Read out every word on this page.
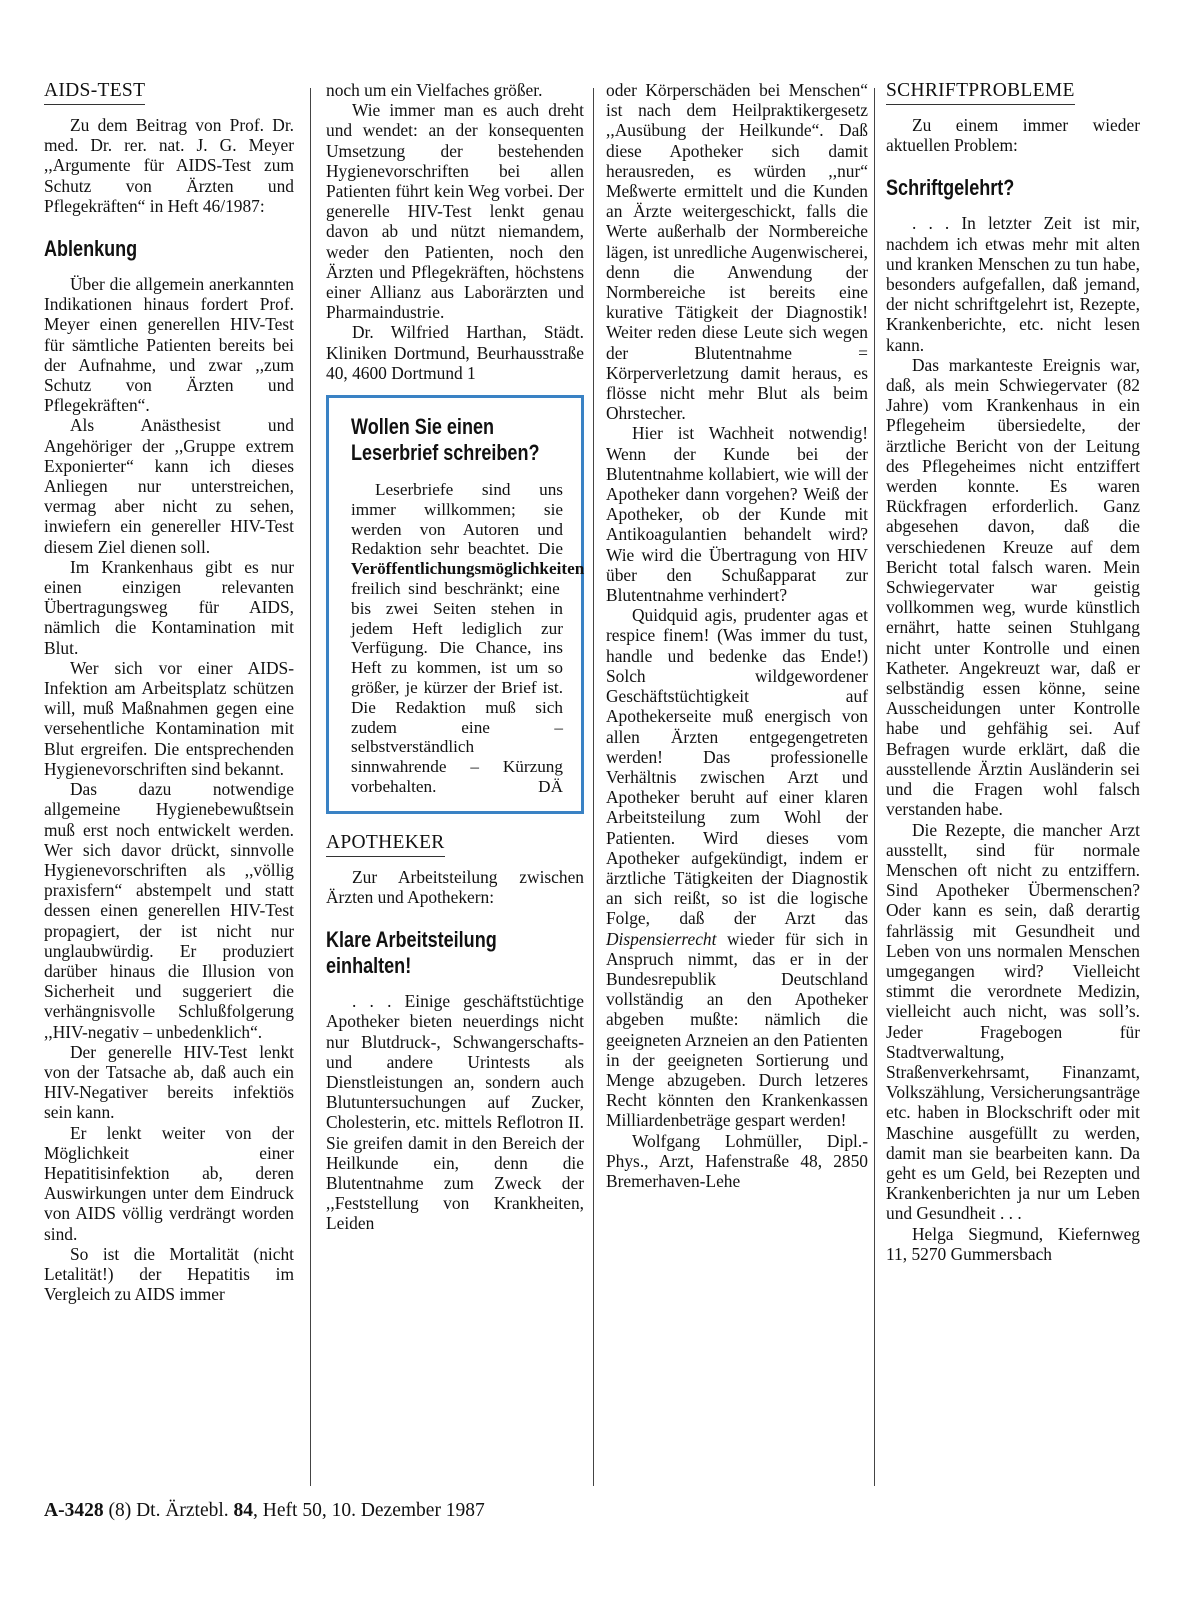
AIDS-TEST

Zu dem Beitrag von Prof. Dr. med. Dr. rer. nat. J. G. Meyer ,,Argumente für AIDS-Test zum Schutz von Ärzten und Pflegekräften“ in Heft 46/1987:

Ablenkung

Über die allgemein anerkannten Indikationen hinaus fordert Prof. Meyer einen generellen HIV-Test für sämtliche Patienten bereits bei der Aufnahme, und zwar ,,zum Schutz von Ärzten und Pflegekräften“.

Als Anästhesist und Angehöriger der ,,Gruppe extrem Exponierter“ kann ich dieses Anliegen nur unterstreichen, vermag aber nicht zu sehen, inwiefern ein genereller HIV-Test diesem Ziel dienen soll.

Im Krankenhaus gibt es nur einen einzigen relevanten Übertragungsweg für AIDS, nämlich die Kontamination mit Blut.

Wer sich vor einer AIDS-Infektion am Arbeitsplatz schützen will, muß Maßnahmen gegen eine versehentliche Kontamination mit Blut ergreifen. Die entsprechenden Hygienevorschriften sind bekannt.

Das dazu notwendige allgemeine Hygienebewußtsein muß erst noch entwickelt werden. Wer sich davor drückt, sinnvolle Hygienevorschriften als ,,völlig praxisfern“ abstempelt und statt dessen einen generellen HIV-Test propagiert, der ist nicht nur unglaubwürdig. Er produziert darüber hinaus die Illusion von Sicherheit und suggeriert die verhängnisvolle Schlußfolgerung ,,HIV-negativ – unbedenklich“.

Der generelle HIV-Test lenkt von der Tatsache ab, daß auch ein HIV-Negativer bereits infektiös sein kann.

Er lenkt weiter von der Möglichkeit einer Hepatitisinfektion ab, deren Auswirkungen unter dem Eindruck von AIDS völlig verdrängt worden sind.

So ist die Mortalität (nicht Letalität!) der Hepatitis im Vergleich zu AIDS immer

noch um ein Vielfaches größer.

Wie immer man es auch dreht und wendet: an der konsequenten Umsetzung der bestehenden Hygienevorschriften bei allen Patienten führt kein Weg vorbei. Der generelle HIV-Test lenkt genau davon ab und nützt niemandem, weder den Patienten, noch den Ärzten und Pflegekräften, höchstens einer Allianz aus Laborärzten und Pharmaindustrie.

Dr. Wilfried Harthan, Städt. Kliniken Dortmund, Beurhausstraße 40, 4600 Dortmund 1

Wollen Sie einen Leserbrief schreiben?

Leserbriefe sind uns immer willkommen; sie werden von Autoren und Redaktion sehr beachtet. Die Veröffentlichungsmöglichkeiten freilich sind beschränkt; eine bis zwei Seiten stehen in jedem Heft lediglich zur Verfügung. Die Chance, ins Heft zu kommen, ist um so größer, je kürzer der Brief ist. Die Redaktion muß sich zudem eine – selbstverständlich sinnwahrende – Kürzung vorbehalten.	DÄ

APOTHEKER

Zur Arbeitsteilung zwischen Ärzten und Apothekern:

Klare Arbeitsteilung einhalten!

. . . Einige geschäftstüchtige Apotheker bieten neuerdings nicht nur Blutdruck-, Schwangerschafts- und andere Urintests als Dienstleistungen an, sondern auch Blutuntersuchungen auf Zucker, Cholesterin, etc. mittels Reflotron II. Sie greifen damit in den Bereich der Heilkunde ein, denn die Blutentnahme zum Zweck der ,,Feststellung von Krankheiten, Leiden

oder Körperschäden bei Menschen“ ist nach dem Heilpraktikergesetz ,,Ausübung der Heilkunde“. Daß diese Apotheker sich damit herausreden, es würden ,,nur“ Meßwerte ermittelt und die Kunden an Ärzte weitergeschickt, falls die Werte außerhalb der Normbereiche lägen, ist unredliche Augenwischerei, denn die Anwendung der Normbereiche ist bereits eine kurative Tätigkeit der Diagnostik! Weiter reden diese Leute sich wegen der Blutentnahme = Körperverletzung damit heraus, es flösse nicht mehr Blut als beim Ohrstecher.

Hier ist Wachheit notwendig! Wenn der Kunde bei der Blutentnahme kollabiert, wie will der Apotheker dann vorgehen? Weiß der Apotheker, ob der Kunde mit Antikoagulantien behandelt wird? Wie wird die Übertragung von HIV über den Schußapparat zur Blutentnahme verhindert?

Quidquid agis, prudenter agas et respice finem! (Was immer du tust, handle und bedenke das Ende!) Solch wildgewordener Geschäftstüchtigkeit auf Apothekerseite muß energisch von allen Ärzten entgegengetreten werden! Das professionelle Verhältnis zwischen Arzt und Apotheker beruht auf einer klaren Arbeitsteilung zum Wohl der Patienten. Wird dieses vom Apotheker aufgekündigt, indem er ärztliche Tätigkeiten der Diagnostik an sich reißt, so ist die logische Folge, daß der Arzt das Dispensierrecht wieder für sich in Anspruch nimmt, das er in der Bundesrepublik Deutschland vollständig an den Apotheker abgeben mußte: nämlich die geeigneten Arzneien an den Patienten in der geeigneten Sortierung und Menge abzugeben. Durch letzeres Recht könnten den Krankenkassen Milliardenbeträge gespart werden!

Wolfgang Lohmüller, Dipl.-Phys., Arzt, Hafenstraße 48, 2850 Bremerhaven-Lehe

SCHRIFTPROBLEME

Zu einem immer wieder aktuellen Problem:

Schriftgelehrt?

. . . In letzter Zeit ist mir, nachdem ich etwas mehr mit alten und kranken Menschen zu tun habe, besonders aufgefallen, daß jemand, der nicht schriftgelehrt ist, Rezepte, Krankenberichte, etc. nicht lesen kann.

Das markanteste Ereignis war, daß, als mein Schwiegervater (82 Jahre) vom Krankenhaus in ein Pflegeheim übersiedelte, der ärztliche Bericht von der Leitung des Pflegeheimes nicht entziffert werden konnte. Es waren Rückfragen erforderlich. Ganz abgesehen davon, daß die verschiedenen Kreuze auf dem Bericht total falsch waren. Mein Schwiegervater war geistig vollkommen weg, wurde künstlich ernährt, hatte seinen Stuhlgang nicht unter Kontrolle und einen Katheter. Angekreuzt war, daß er selbständig essen könne, seine Ausscheidungen unter Kontrolle habe und gehfähig sei. Auf Befragen wurde erklärt, daß die ausstellende Ärztin Ausländerin sei und die Fragen wohl falsch verstanden habe.

Die Rezepte, die mancher Arzt ausstellt, sind für normale Menschen oft nicht zu entziffern. Sind Apotheker Übermenschen? Oder kann es sein, daß derartig fahrlässig mit Gesundheit und Leben von uns normalen Menschen umgegangen wird? Vielleicht stimmt die verordnete Medizin, vielleicht auch nicht, was soll’s. Jeder Fragebogen für Stadtverwaltung, Straßenverkehrsamt, Finanzamt, Volkszählung, Versicherungsanträge etc. haben in Blockschrift oder mit Maschine ausgefüllt zu werden, damit man sie bearbeiten kann. Da geht es um Geld, bei Rezepten und Krankenberichten ja nur um Leben und Gesundheit . . .

Helga Siegmund, Kiefernweg 11, 5270 Gummersbach

A-3428 (8) Dt. Ärztebl. 84, Heft 50, 10. Dezember 1987
